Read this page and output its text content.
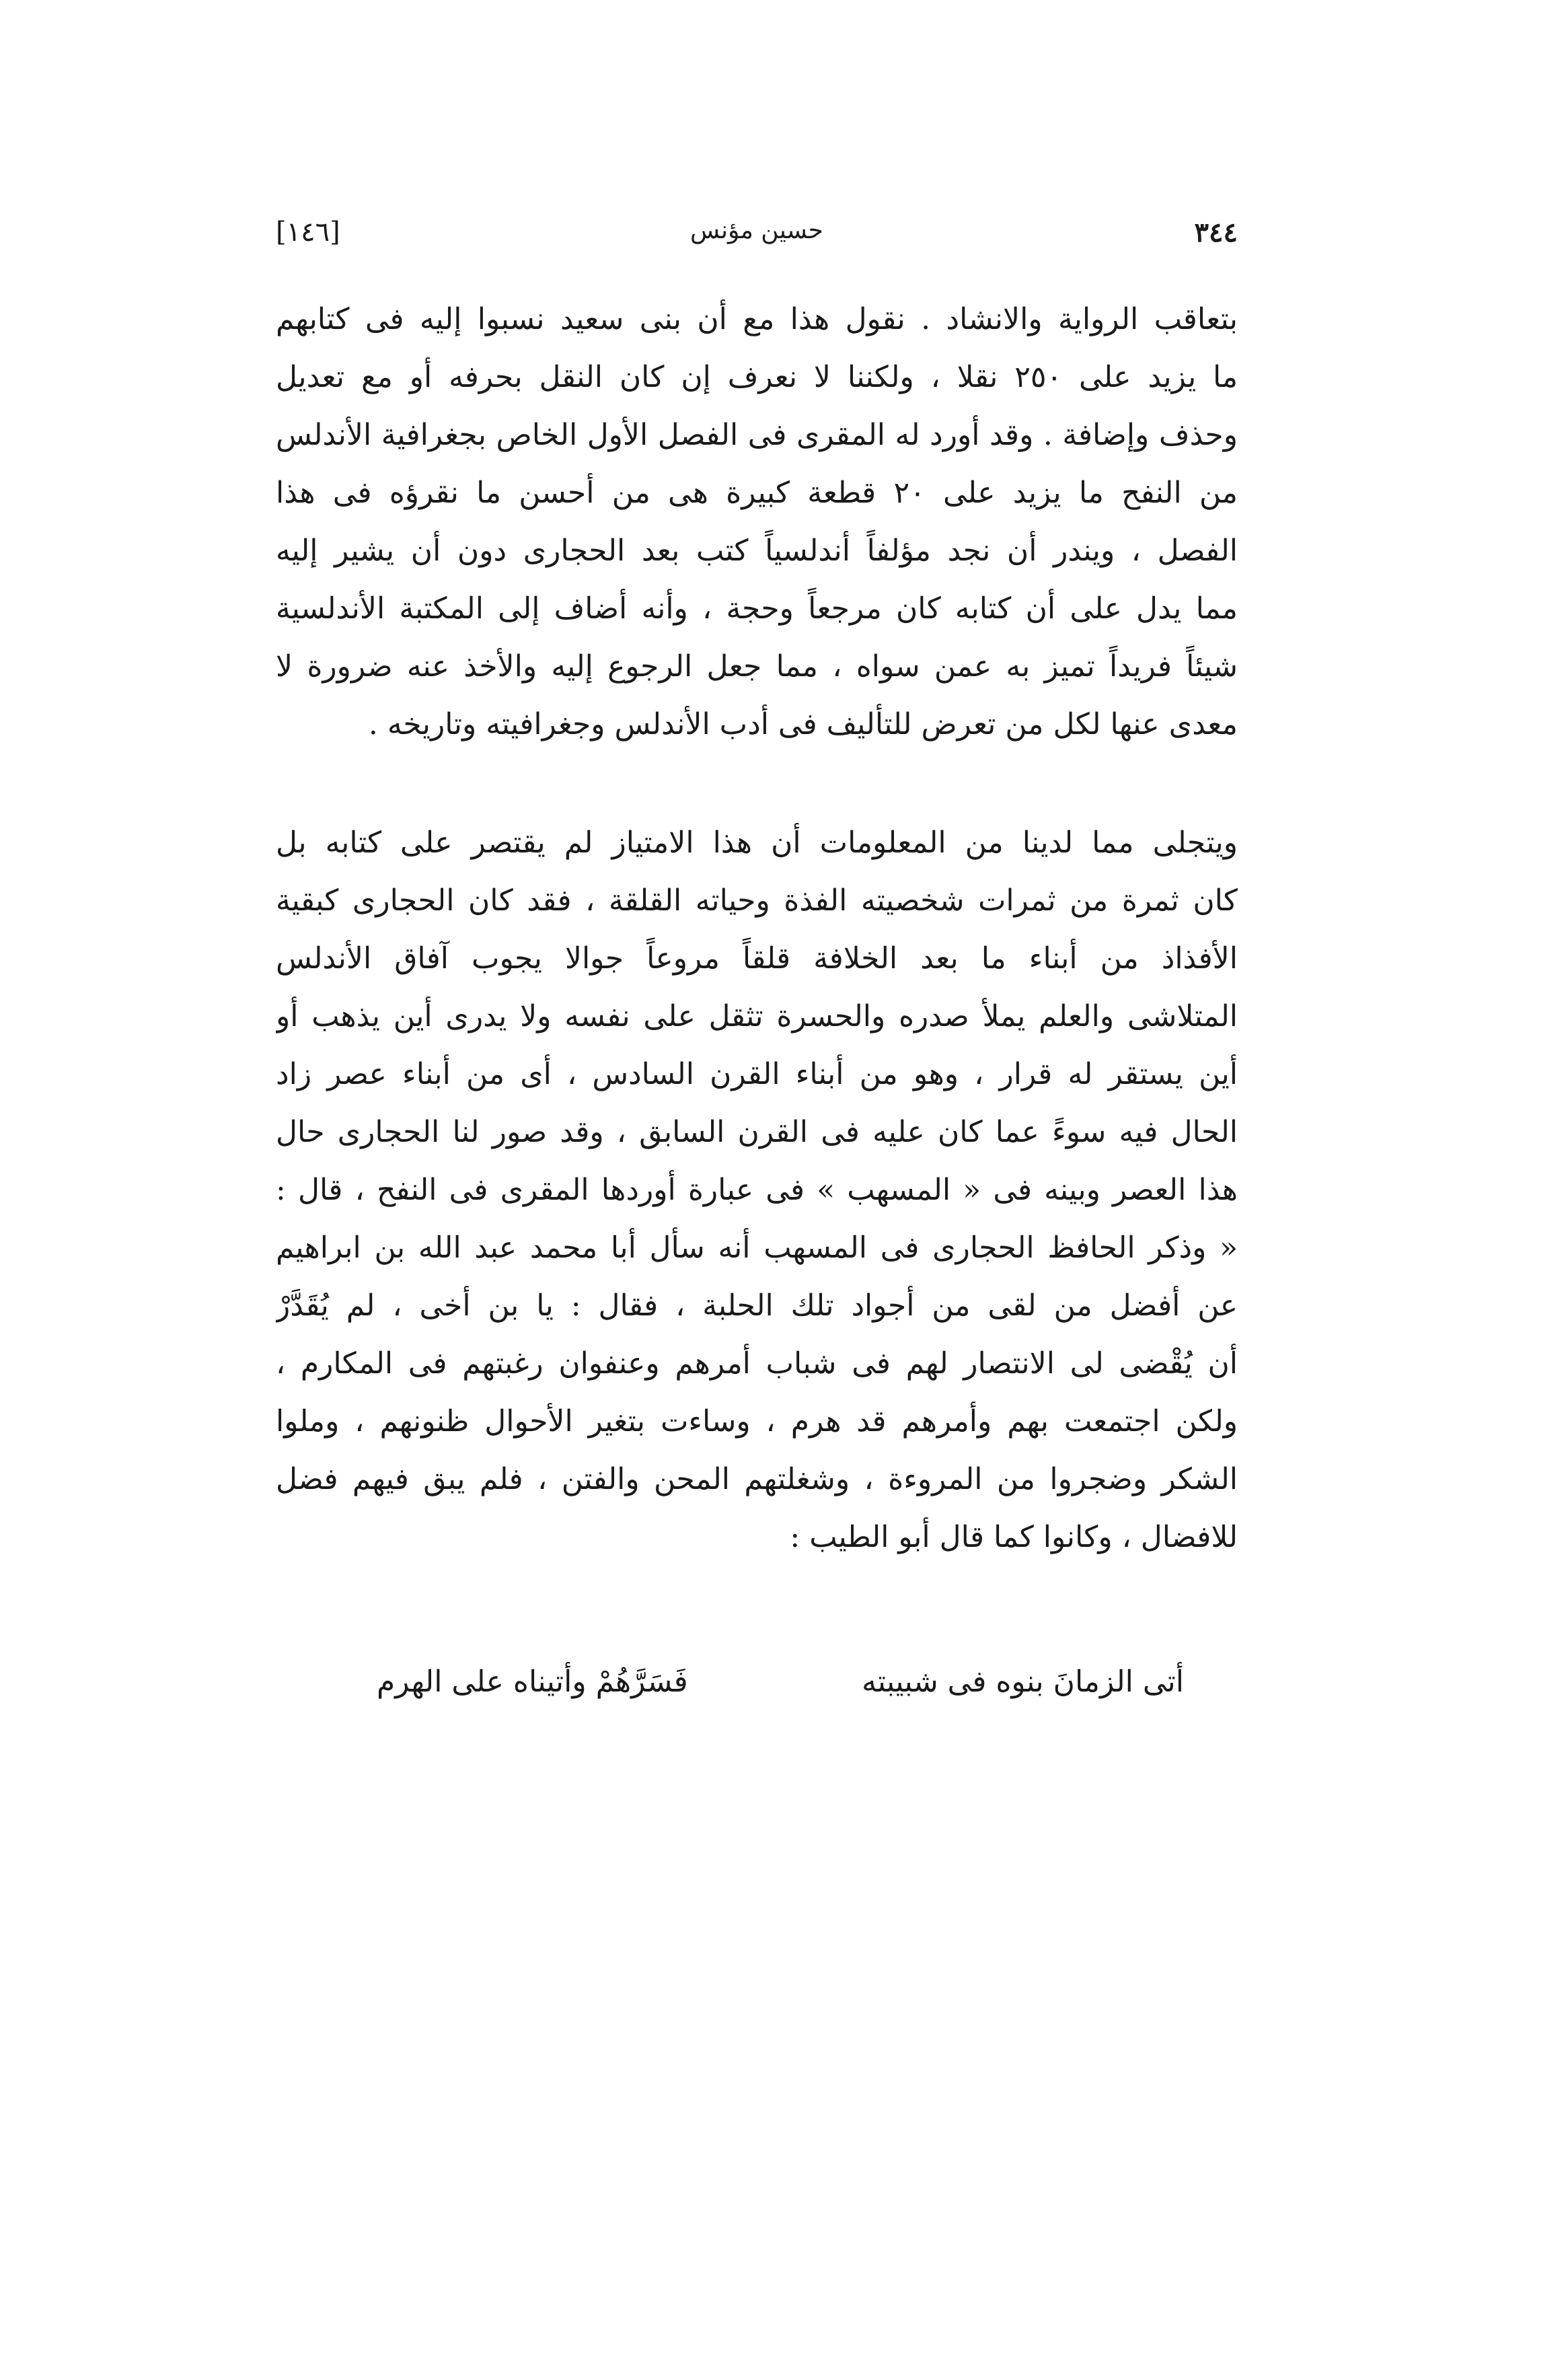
[١٤٦]	حسين مؤنس	٣٤٤
بتعاقب الرواية والانشاد . نقول هذا مع أن بنى سعيد نسبوا إليه فى كتابهم
ما يزيد على ٢٥٠ نقلا ، ولكننا لا نعرف إن كان النقل بحرفه أو مع تعديل
وحذف وإضافة . وقد أورد له المقرى فى الفصل الأول الخاص بجغرافية الأندلس
من النفح ما يزيد على ٢٠ قطعة كبيرة هى من أحسن ما نقرؤه فى هذا
الفصل ، ويندر أن نجد مؤلفاً أندلسياً كتب بعد الحجارى دون أن يشير إليه
مما يدل على أن كتابه كان مرجعاً وحجة ، وأنه أضاف إلى المكتبة الأندلسية
شيئاً فريداً تميز به عمن سواه ، مما جعل الرجوع إليه والأخذ عنه ضرورة لا
معدى عنها لكل من تعرض للتأليف فى أدب الأندلس وجغرافيته وتاريخه .
ويتجلى مما لدينا من المعلومات أن هذا الامتياز لم يقتصر على كتابه بل
كان ثمرة من ثمرات شخصيته الفذة وحياته القلقة ، فقد كان الحجارى كبقية
الأفذاذ من أبناء ما بعد الخلافة قلقاً مروعاً جوالا يجوب آفاق الأندلس
المتلاشى والعلم يملأ صدره والحسرة تثقل على نفسه ولا يدرى أين يذهب أو
أين يستقر له قرار ، وهو من أبناء القرن السادس ، أى من أبناء عصر زاد
الحال فيه سوءً عما كان عليه فى القرن السابق ، وقد صور لنا الحجارى حال
هذا العصر وبينه فى « المسهب » فى عبارة أوردها المقرى فى النفح ، قال :
« وذكر الحافظ الحجارى فى المسهب أنه سأل أبا محمد عبد الله بن ابراهيم
عن أفضل من لقى من أجواد تلك الحلبة ، فقال : يا بن أخى ، لم يُقَدَّرْ
أن يُقْضى لى الانتصار لهم فى شباب أمرهم وعنفوان رغبتهم فى المكارم ،
ولكن اجتمعت بهم وأمرهم قد هرم ، وساءت بتغير الأحوال ظنونهم ، وملوا
الشكر وضجروا من المروءة ، وشغلتهم المحن والفتن ، فلم يبق فيهم فضل
للافضال ، وكانوا كما قال أبو الطيب :
أتى الزمانَ بنوه فى شبيبته
فَسَرَّهُمْ وأتيناه على الهرم
